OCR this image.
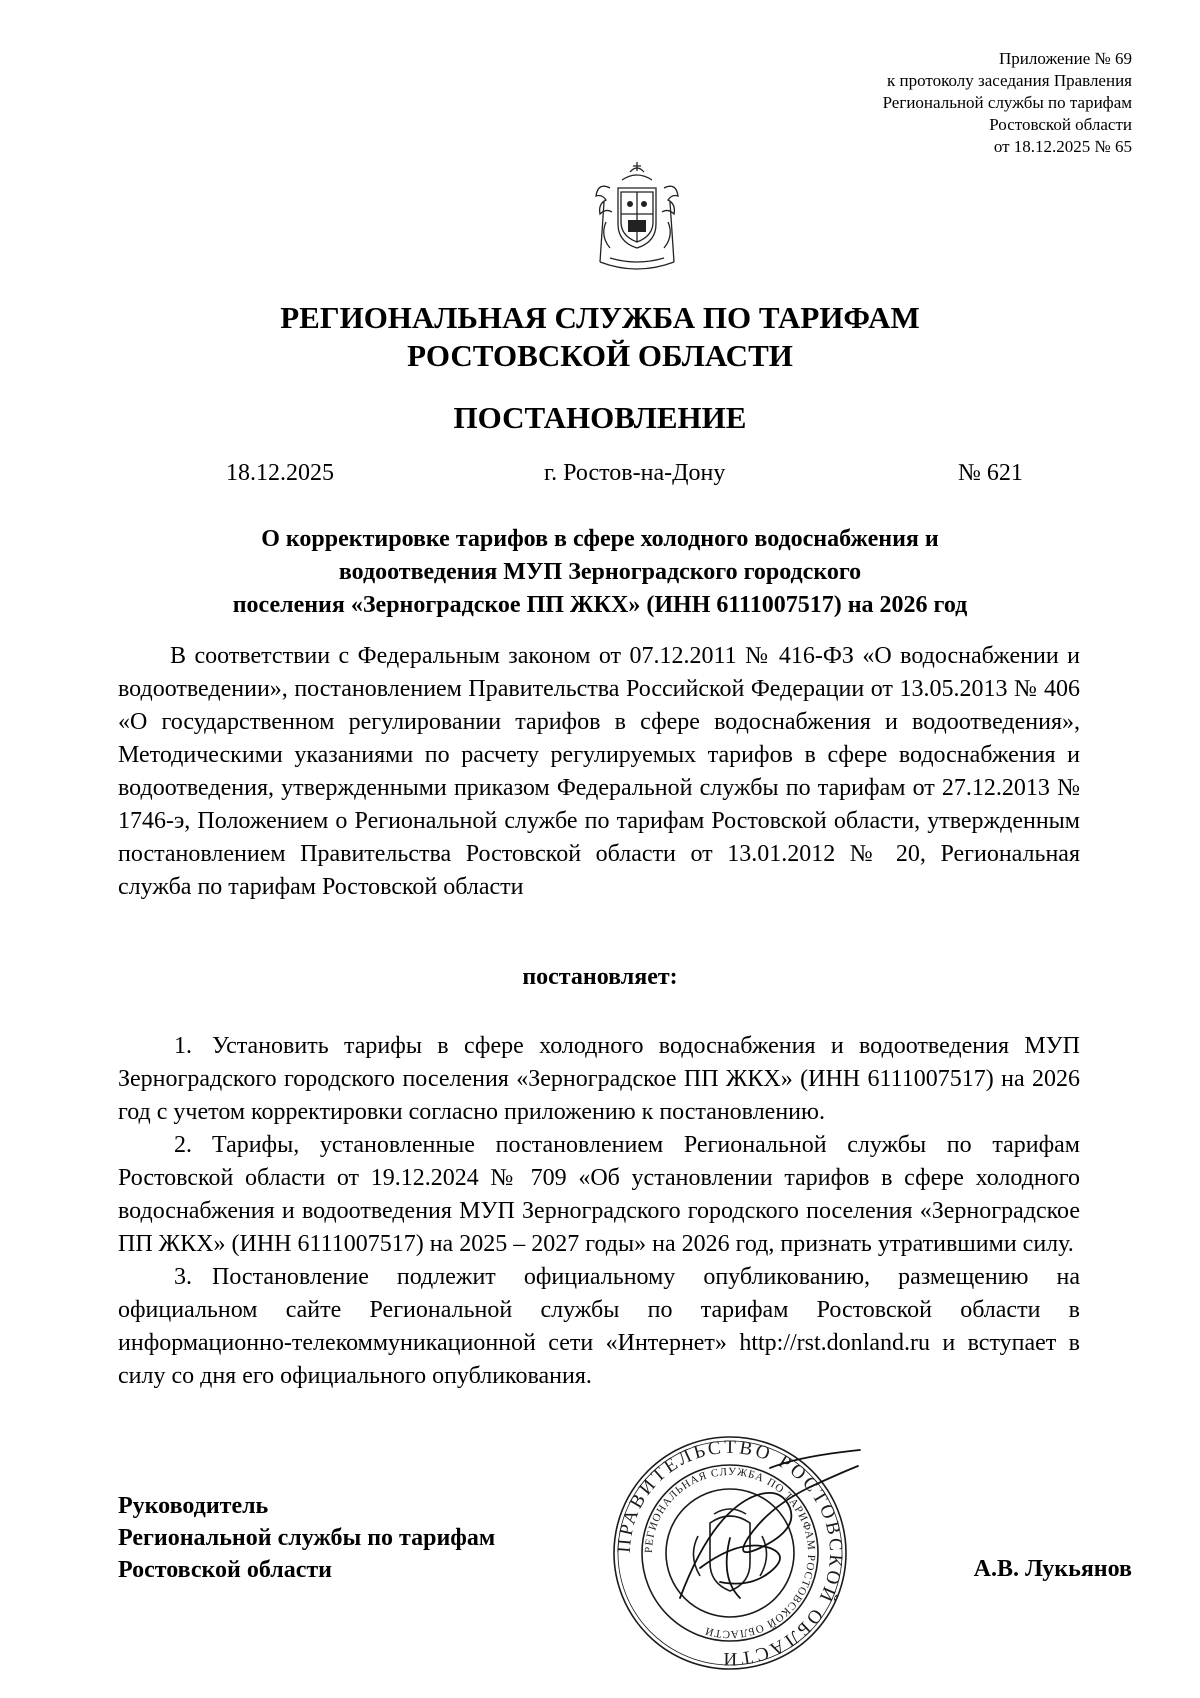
Приложение № 69
к протоколу заседания Правления
Региональной службы по тарифам
Ростовской области
от 18.12.2025 № 65
РЕГИОНАЛЬНАЯ СЛУЖБА ПО ТАРИФАМ
РОСТОВСКОЙ ОБЛАСТИ
ПОСТАНОВЛЕНИЕ
18.12.2025	г. Ростов-на-Дону	№ 621
О корректировке тарифов в сфере холодного водоснабжения и
водоотведения МУП Зерноградского городского
поселения «Зерноградское ПП ЖКХ» (ИНН 6111007517) на 2026 год

В соответствии с Федеральным законом от 07.12.2011 № 416-ФЗ «О водоснабжении и водоотведении», постановлением Правительства Российской Федерации от 13.05.2013 № 406 «О государственном регулировании тарифов в сфере водоснабжения и водоотведения», Методическими указаниями по расчету регулируемых тарифов в сфере водоснабжения и водоотведения, утвержденными приказом Федеральной службы по тарифам от 27.12.2013 № 1746-э, Положением о Региональной службе по тарифам Ростовской области, утвержденным постановлением Правительства Ростовской области от 13.01.2012 № 20, Региональная служба по тарифам Ростовской области

постановляет:

1. Установить тарифы в сфере холодного водоснабжения и водоотведения МУП Зерноградского городского поселения «Зерноградское ПП ЖКХ» (ИНН 6111007517) на 2026 год с учетом корректировки согласно приложению к постановлению.

2. Тарифы, установленные постановлением Региональной службы по тарифам Ростовской области от 19.12.2024 № 709 «Об установлении тарифов в сфере холодного водоснабжения и водоотведения МУП Зерноградского городского поселения «Зерноградское ПП ЖКХ» (ИНН 6111007517) на 2025 – 2027 годы» на 2026 год, признать утратившими силу.

3. Постановление подлежит официальному опубликованию, размещению на официальном сайте Региональной службы по тарифам Ростовской области в информационно-телекоммуникационной сети «Интернет» http://rst.donland.ru и вступает в силу со дня его официального опубликования.

Руководитель
Региональной службы по тарифам
Ростовской области
ПРАВИТЕЛЬСТВО РОСТОВСКОЙ ОБЛАСТИ
РЕГИОНАЛЬНАЯ СЛУЖБА ПО ТАРИФАМ РОСТОВСКОЙ ОБЛАСТИ
А.В. Лукьянов
